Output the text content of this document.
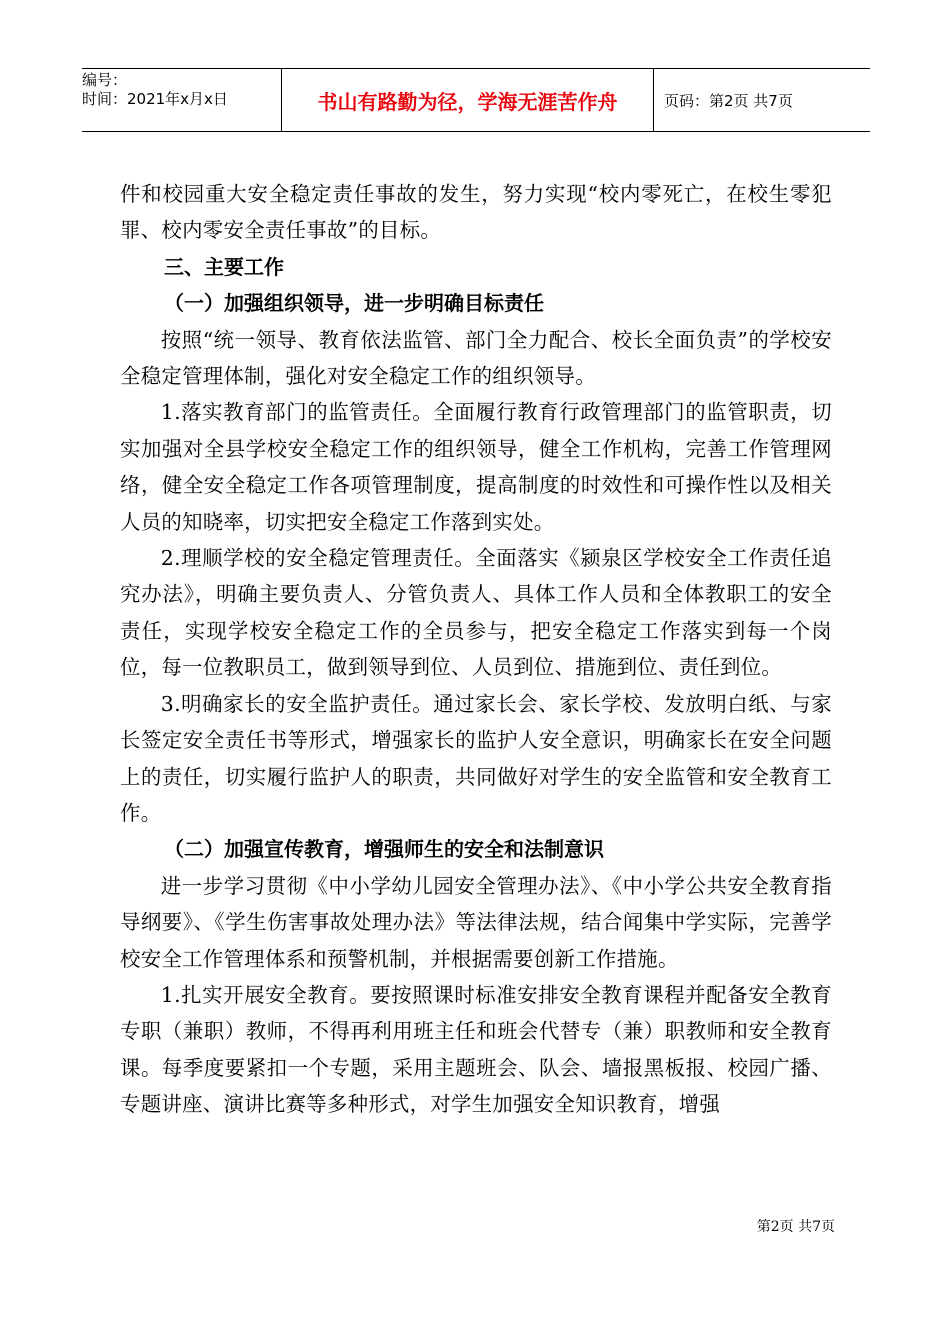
编号：
时间：2021年x月x日	书山有路勤为径，学海无涯苦作舟	页码：第2页 共7页

件和校园重大安全稳定责任事故的发生，努力实现“校内零死亡，在校生零犯罪、校内零安全责任事故”的目标。

三、主要工作

（一）加强组织领导，进一步明确目标责任

按照“统一领导、教育依法监管、部门全力配合、校长全面负责”的学校安全稳定管理体制，强化对安全稳定工作的组织领导。

1.落实教育部门的监管责任。全面履行教育行政管理部门的监管职责，切实加强对全县学校安全稳定工作的组织领导，健全工作机构，完善工作管理网络，健全安全稳定工作各项管理制度，提高制度的时效性和可操作性以及相关人员的知晓率，切实把安全稳定工作落到实处。

2.理顺学校的安全稳定管理责任。全面落实《颍泉区学校安全工作责任追究办法》，明确主要负责人、分管负责人、具体工作人员和全体教职工的安全责任，实现学校安全稳定工作的全员参与，把安全稳定工作落实到每一个岗位，每一位教职员工，做到领导到位、人员到位、措施到位、责任到位。

3.明确家长的安全监护责任。通过家长会、家长学校、发放明白纸、与家长签定安全责任书等形式，增强家长的监护人安全意识，明确家长在安全问题上的责任，切实履行监护人的职责，共同做好对学生的安全监管和安全教育工作。

（二）加强宣传教育，增强师生的安全和法制意识

进一步学习贯彻《中小学幼儿园安全管理办法》、《中小学公共安全教育指导纲要》、《学生伤害事故处理办法》等法律法规，结合闻集中学实际，完善学校安全工作管理体系和预警机制，并根据需要创新工作措施。

1.扎实开展安全教育。要按照课时标准安排安全教育课程并配备安全教育专职（兼职）教师，不得再利用班主任和班会代替专（兼）职教师和安全教育课。每季度要紧扣一个专题，采用主题班会、队会、墙报黑板报、校园广播、专题讲座、演讲比赛等多种形式，对学生加强安全知识教育，增强

第2页 共7页
